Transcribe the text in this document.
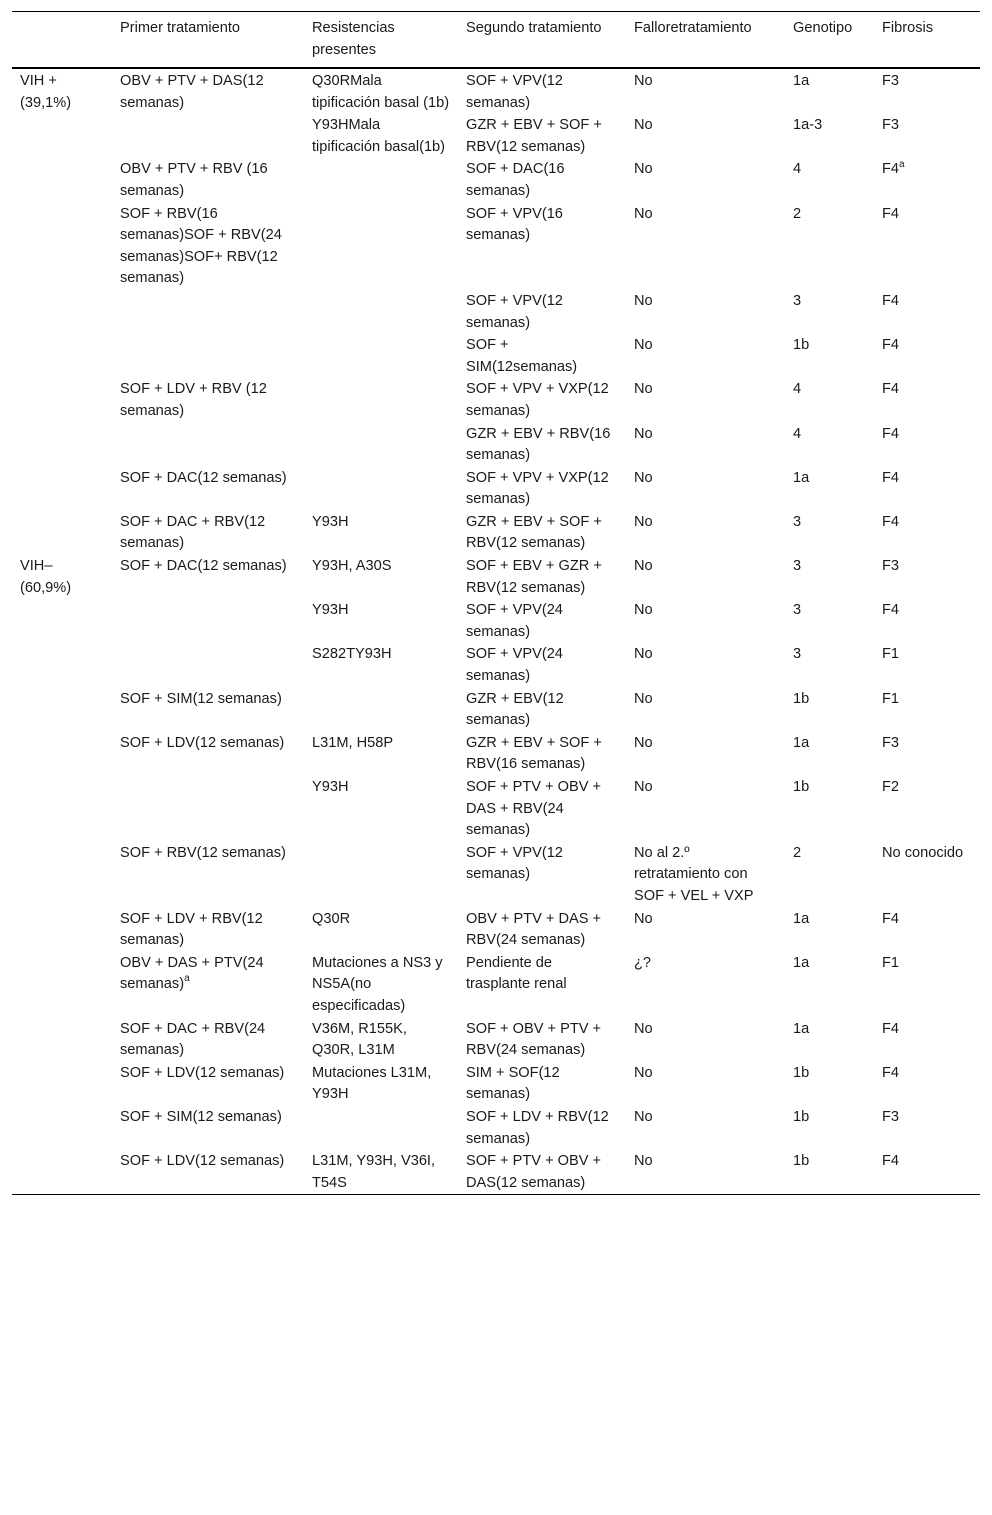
	Primer tratamiento	Resistencias presentes	Segundo tratamiento	Falloretratamiento	Genotipo	Fibrosis
VIH + (39,1%)	OBV + PTV + DAS(12 semanas)	Q30RMala tipificación basal (1b)	SOF + VPV(12 semanas)	No	1a	F3
		Y93HMala tipificación basal(1b)	GZR + EBV + SOF + RBV(12 semanas)	No	1a-3	F3
	OBV + PTV + RBV (16 semanas)		SOF + DAC(16 semanas)	No	4	F4$^a$
	SOF + RBV(16 semanas)SOF + RBV(24 semanas)SOF+ RBV(12 semanas)		SOF + VPV(16 semanas)	No	2	F4
			SOF + VPV(12 semanas)	No	3	F4
			SOF + SIM(12semanas)	No	1b	F4
	SOF + LDV + RBV (12 semanas)		SOF + VPV + VXP(12 semanas)	No	4	F4
			GZR + EBV + RBV(16 semanas)	No	4	F4
	SOF + DAC(12 semanas)		SOF + VPV + VXP(12 semanas)	No	1a	F4
	SOF + DAC + RBV(12 semanas)	Y93H	GZR + EBV + SOF + RBV(12 semanas)	No	3	F4
VIH– (60,9%)	SOF + DAC(12 semanas)	Y93H, A30S	SOF + EBV + GZR + RBV(12 semanas)	No	3	F3
		Y93H	SOF + VPV(24 semanas)	No	3	F4
		S282TY93H	SOF + VPV(24 semanas)	No	3	F1
	SOF + SIM(12 semanas)		GZR + EBV(12 semanas)	No	1b	F1
	SOF + LDV(12 semanas)	L31M, H58P	GZR + EBV + SOF + RBV(16 semanas)	No	1a	F3
		Y93H	SOF + PTV + OBV + DAS + RBV(24 semanas)	No	1b	F2
	SOF + RBV(12 semanas)		SOF + VPV(12 semanas)	No al 2.º retratamiento con SOF + VEL + VXP	2	No conocido
	SOF + LDV + RBV(12 semanas)	Q30R	OBV + PTV + DAS + RBV(24 semanas)	No	1a	F4
	OBV + DAS + PTV(24 semanas)$^a$	Mutaciones a NS3 y NS5A(no especificadas)	Pendiente de trasplante renal	¿?	1a	F1
	SOF + DAC + RBV(24 semanas)	V36M, R155K, Q30R, L31M	SOF + OBV + PTV + RBV(24 semanas)	No	1a	F4
	SOF + LDV(12 semanas)	Mutaciones L31M, Y93H	SIM + SOF(12 semanas)	No	1b	F4
	SOF + SIM(12 semanas)		SOF + LDV + RBV(12 semanas)	No	1b	F3
	SOF + LDV(12 semanas)	L31M, Y93H, V36I, T54S	SOF + PTV + OBV + DAS(12 semanas)	No	1b	F4
